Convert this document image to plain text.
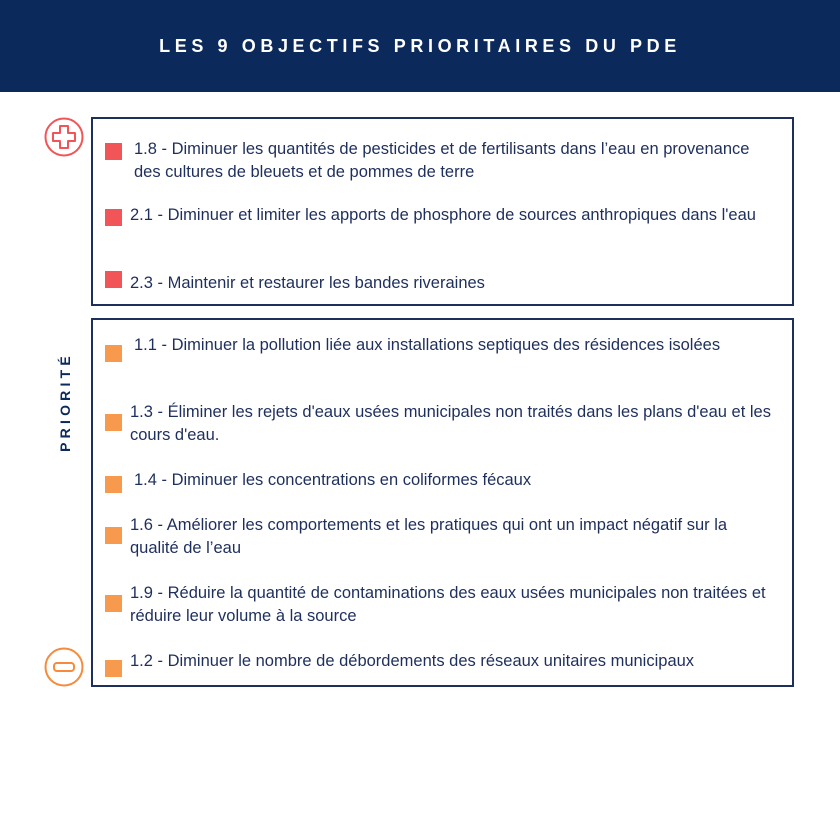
LES 9 OBJECTIFS PRIORITAIRES DU PDE
PRIORITÉ
1.8 - Diminuer les quantités de pesticides et de fertilisants dans l’eau en provenance des cultures de bleuets et de pommes de terre
2.1 - Diminuer et limiter les apports de phosphore de sources anthropiques dans l'eau
2.3 - Maintenir et restaurer les bandes riveraines
1.1 - Diminuer la pollution liée aux installations septiques des résidences isolées
1.3 - Éliminer les rejets d'eaux usées municipales non traités dans les plans d'eau et les cours d'eau.
1.4 - Diminuer les concentrations en coliformes fécaux
1.6 - Améliorer les comportements et les pratiques qui ont un impact négatif sur la qualité de l’eau
1.9 - Réduire la quantité de contaminations des eaux usées municipales non traitées et réduire leur volume à la source
1.2 - Diminuer le nombre de débordements des réseaux unitaires municipaux
